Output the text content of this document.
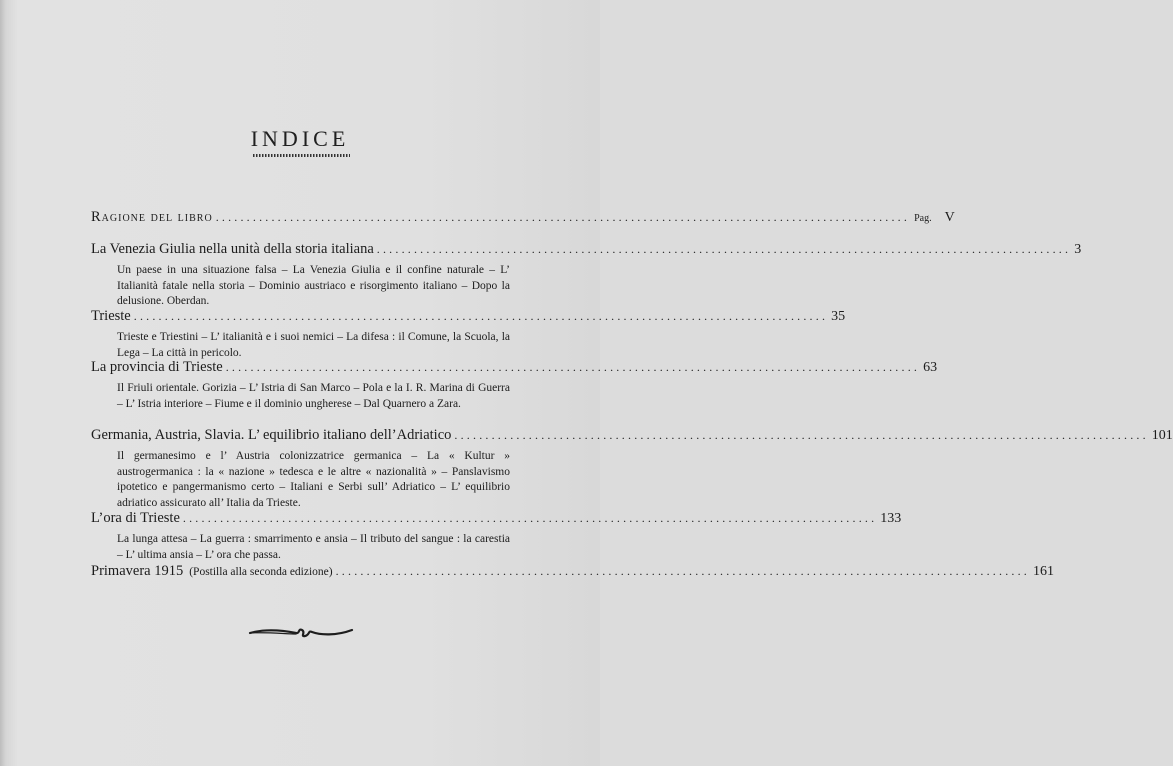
INDICE
Ragione del libro ................................................................................................................ Pag. V
La Venezia Giulia nella unità della storia italiana ................................................................................................................ 3
Un paese in una situazione falsa – La Venezia Giulia e il confine naturale – L’ Italianità fatale nella storia – Dominio austriaco e risorgimento italiano – Dopo la delusione. Oberdan.
Trieste ................................................................................................................ 35
Trieste e Triestini – L’ italianità e i suoi nemici – La difesa : il Comune, la Scuola, la Lega – La città in pericolo.
La provincia di Trieste ................................................................................................................ 63
Il Friuli orientale. Gorizia – L’ Istria di San Marco – Pola e la I. R. Marina di Guerra – L’ Istria interiore – Fiume e il dominio ungherese – Dal Quarnero a Zara.
Germania, Austria, Slavia. L’ equilibrio italiano dell’Adriatico ................................................................................................................ 101
Il germanesimo e l’ Austria colonizzatrice germanica – La « Kultur » austrogermanica : la « nazione » tedesca e le altre « nazionalità » – Panslavismo ipotetico e pangermanismo certo – Italiani e Serbi sull’ Adriatico – L’ equilibrio adriatico assicurato all’ Italia da Trieste.
L’ora di Trieste ................................................................................................................ 133
La lunga attesa – La guerra : smarrimento e ansia – Il tributo del sangue : la carestia – L’ ultima ansia – L’ ora che passa.
Primavera 1915 (Postilla alla seconda edizione) ................................................................................................................ 161
